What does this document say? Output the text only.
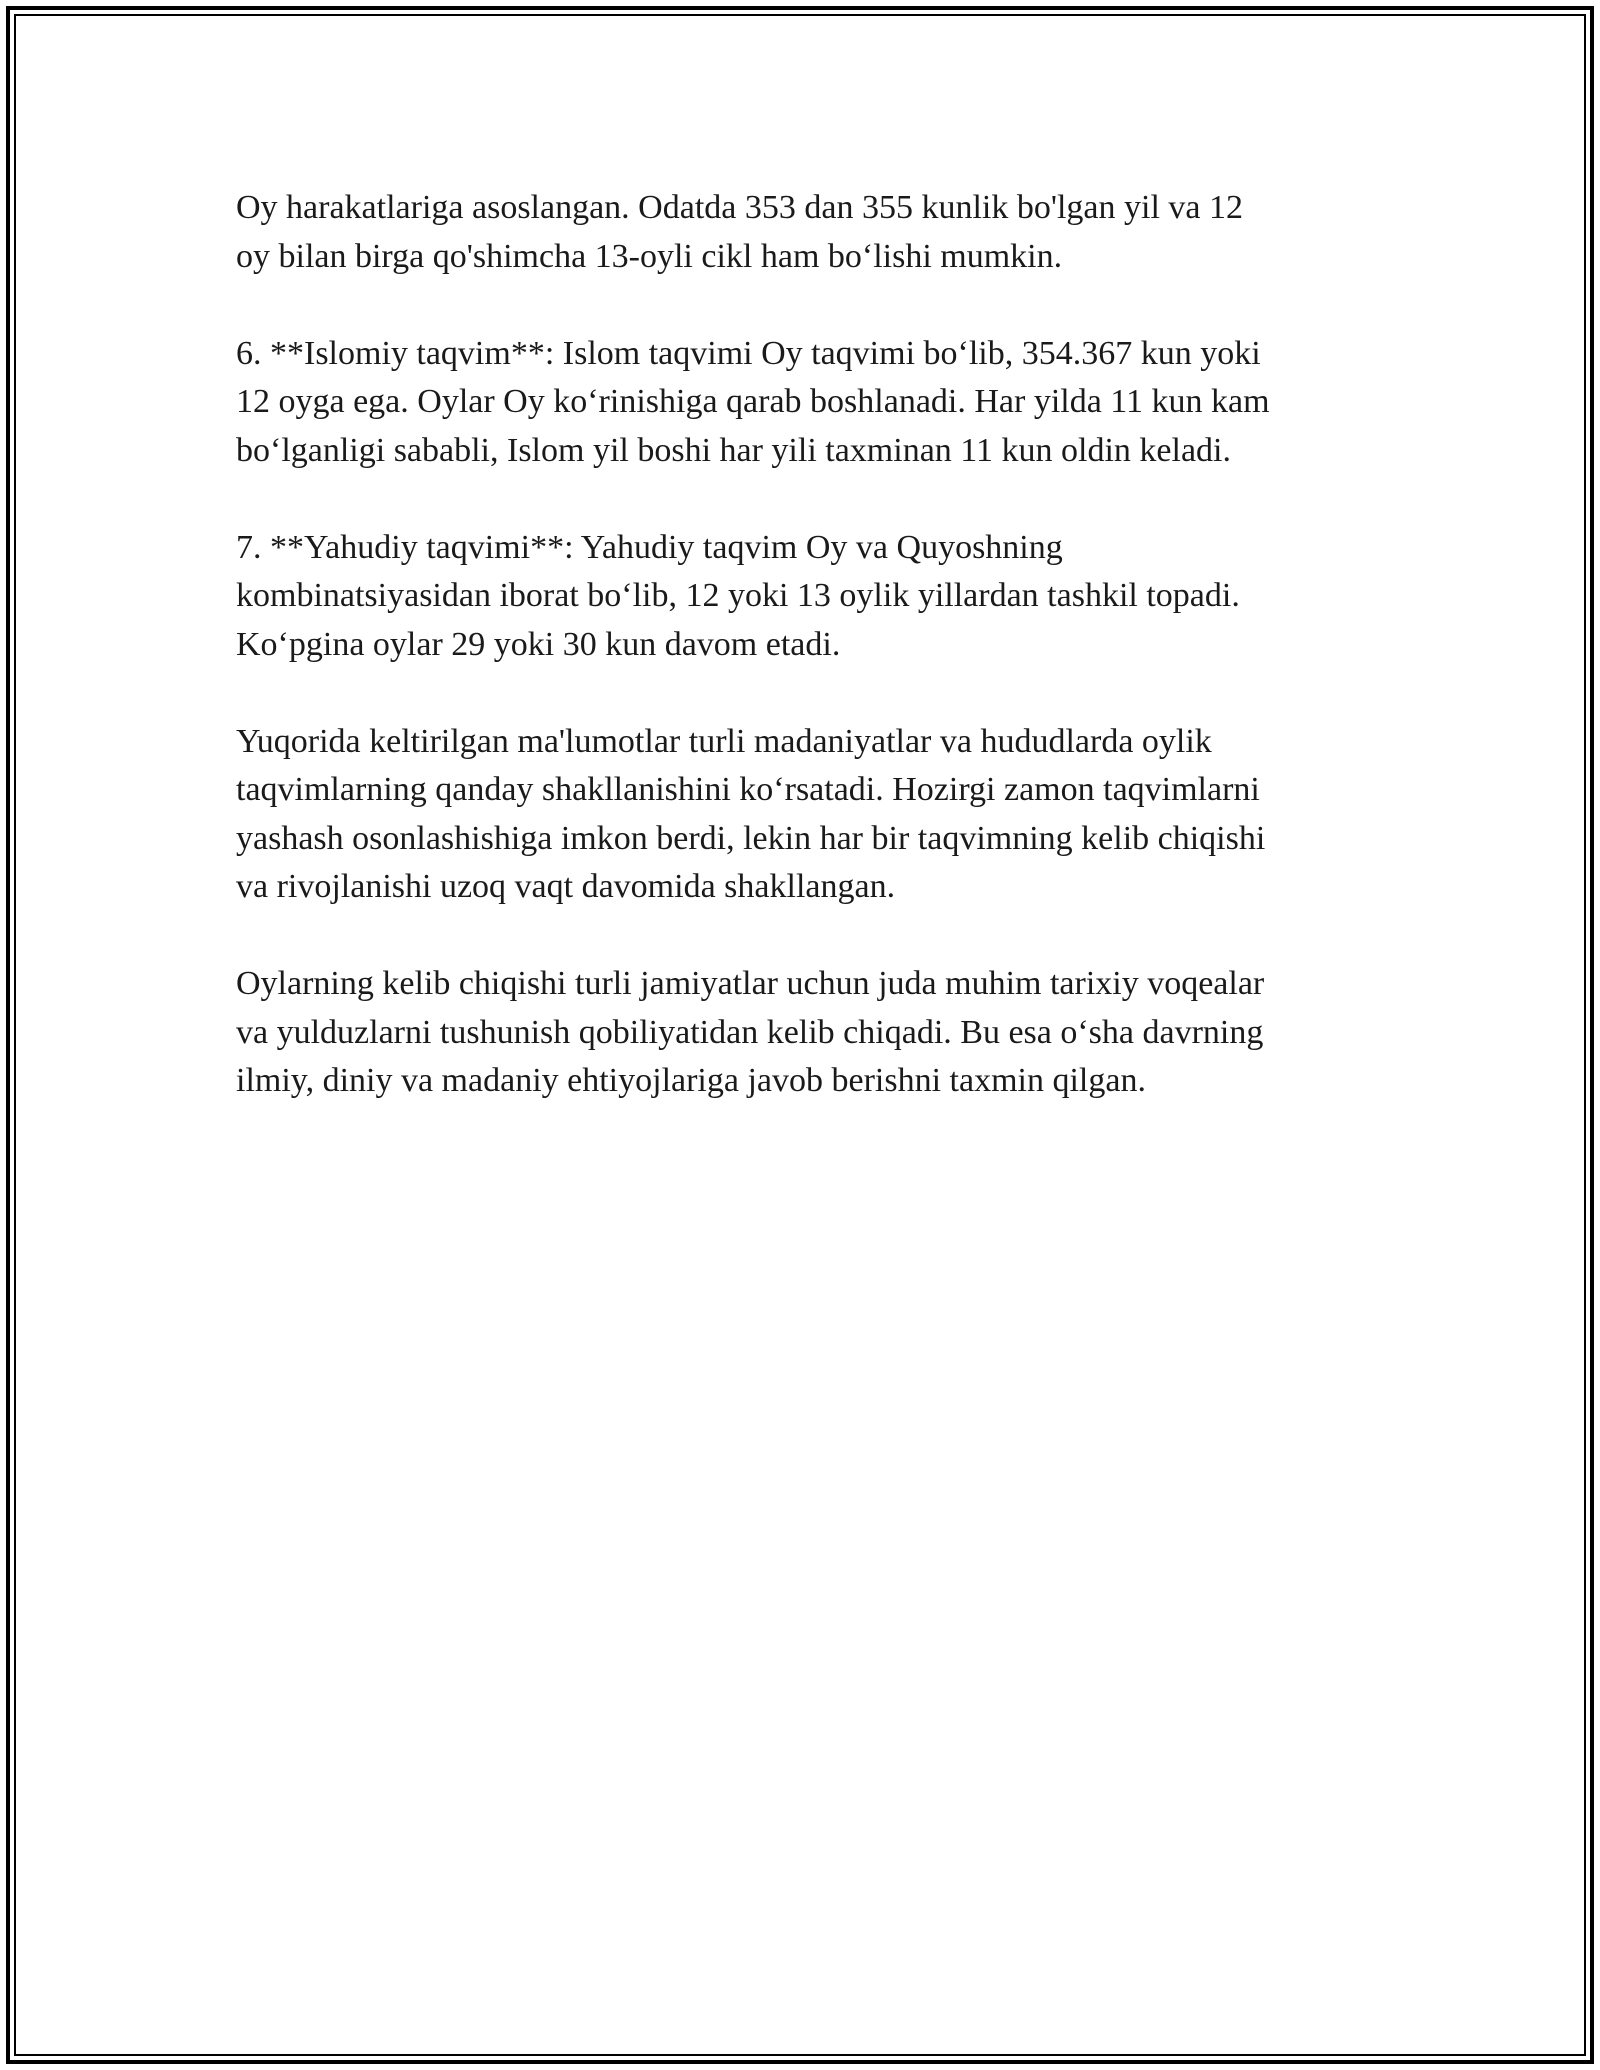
Oy harakatlariga asoslangan. Odatda 353 dan 355 kunlik bo'lgan yil va 12
oy bilan birga qo'shimcha 13-oyli cikl ham bo‘lishi mumkin.

6. **Islomiy taqvim**: Islom taqvimi Oy taqvimi bo‘lib, 354.367 kun yoki
12 oyga ega. Oylar Oy ko‘rinishiga qarab boshlanadi. Har yilda 11 kun kam
bo‘lganligi sababli, Islom yil boshi har yili taxminan 11 kun oldin keladi.

7. **Yahudiy taqvimi**: Yahudiy taqvim Oy va Quyoshning
kombinatsiyasidan iborat bo‘lib, 12 yoki 13 oylik yillardan tashkil topadi.
Ko‘pgina oylar 29 yoki 30 kun davom etadi.

Yuqorida keltirilgan ma'lumotlar turli madaniyatlar va hududlarda oylik
taqvimlarning qanday shakllanishini ko‘rsatadi. Hozirgi zamon taqvimlarni
yashash osonlashishiga imkon berdi, lekin har bir taqvimning kelib chiqishi
va rivojlanishi uzoq vaqt davomida shakllangan.

Oylarning kelib chiqishi turli jamiyatlar uchun juda muhim tarixiy voqealar
va yulduzlarni tushunish qobiliyatidan kelib chiqadi. Bu esa o‘sha davrning
ilmiy, diniy va madaniy ehtiyojlariga javob berishni taxmin qilgan.
